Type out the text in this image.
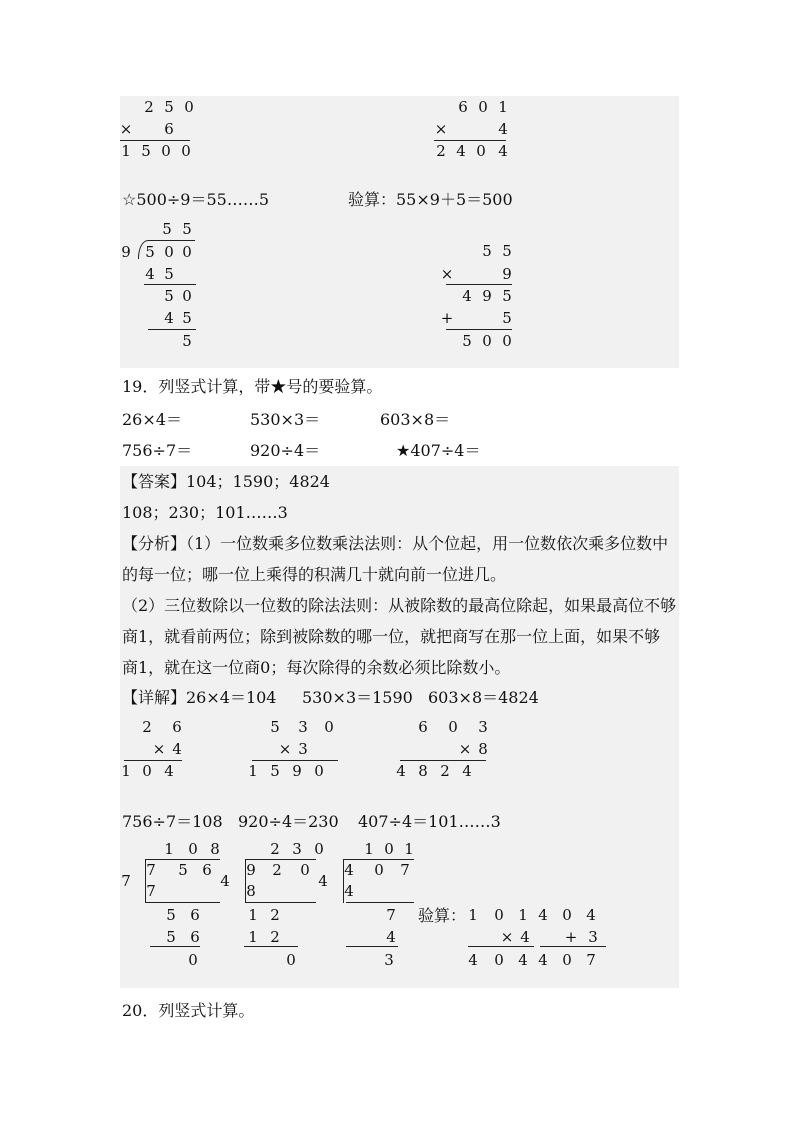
2 5 0
× 6
1 5 0 0
6 0 1
×	4
2 4 0 4
☆500÷9＝55……5	验算：55×9＋5＝500
5 5
9 5 0 0
4 5
5 0
4 5
5
5 5
×	9
4 9 5
+	5
5 0 0
19．列竖式计算，带★号的要验算。
26×4＝	530×3＝	603×8＝
756÷7＝	920÷4＝	★407÷4＝
【答案】104；1590；4824
108；230；101……3
【分析】（1）一位数乘多位数乘法法则：从个位起，用一位数依次乘多位数中
的每一位；哪一位上乘得的积满几十就向前一位进几。
（2）三位数除以一位数的除法法则：从被除数的最高位除起，如果最高位不够
商1，就看前两位；除到被除数的哪一位，就把商写在那一位上面，如果不够
商1，就在这一位商0；每次除得的余数必须比除数小。
【详解】 26×4＝104 530×3＝1590 603×8＝4824
2 6
× 4
1 0 4
5 3 0
× 3
1 5 9 0
6 0 3
× 8
4 8 2 4
756÷7＝108 920÷4＝230 407÷4＝101……3
1 0 8
7
7 5 6
7
5 6
5 6
0
2 3 0
4
9 2 0
8
1 2
1 2
0
1 0 1
4
4 0 7
4
7
4
3
验算： 1 0 1
× 4
4 0 4
4 0 4
+ 3
4 0 7
20．列竖式计算。
